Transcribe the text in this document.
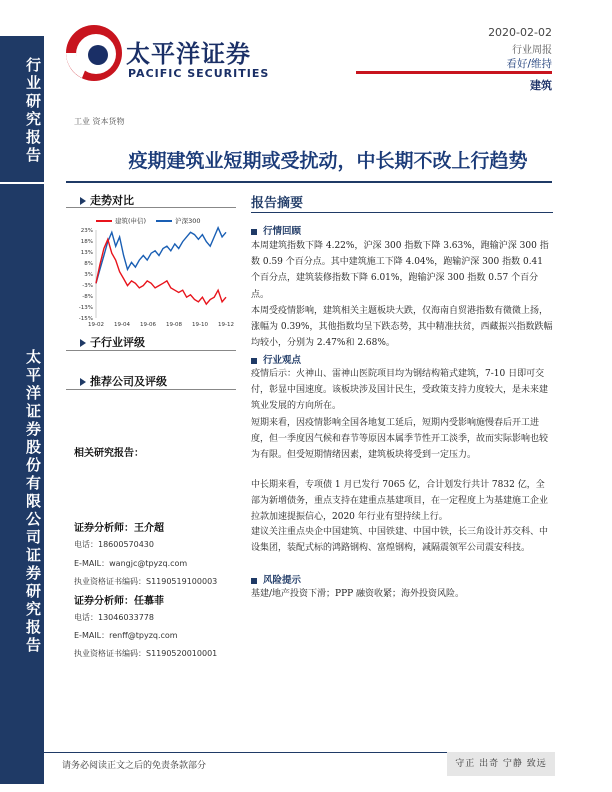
行业研究报告
太平洋证券股份有限公司证券研究报告
太平洋证券
PACIFIC SECURITIES
2020-02-02
行业周报
看好/维持
建筑
工业 资本货物
疫期建筑业短期或受扰动，中长期不改上行趋势
走势对比
建筑(申信)	沪深300
23%
18%
13%
8%
3%
-3%
-8%
-13%
-15%
19-02 19-04 19-06 19-08 19-10 19-12
子行业评级
推荐公司及评级
相关研究报告：
证券分析师：王介超
电话：18600570430
E-MAIL：wangjc@tpyzq.com
执业资格证书编码：S1190519100003
证券分析师：任慕菲
电话：13046033778
E-MAIL：renff@tpyzq.com
执业资格证书编码：S1190520010001
报告摘要
行情回顾
本周建筑指数下降 4.22%，沪深 300 指数下降 3.63%，跑输沪深 300 指数 0.59 个百分点。其中建筑施工下降 4.04%，跑输沪深 300 指数 0.41 个百分点，建筑装修指数下降 6.01%，跑输沪深 300 指数 0.57 个百分点。
本周受疫情影响，建筑相关主题板块大跌，仅海南自贸港指数有微微上扬，涨幅为 0.39%，其他指数均呈下跌态势，其中精准扶贫，西藏振兴指数跌幅均较小，分别为 2.47%和 2.68%。
行业观点
疫情后示：火神山、雷神山医院项目均为钢结构箱式建筑，7-10 日即可交付，彰显中国速度。该板块涉及国计民生，受政策支持力度较大，是未来建筑业发展的方向所在。
短期来看，因疫情影响全国各地复工延后，短期内受影响施慢春后开工进度，但一季度因气候和春节等原因本属季节性开工淡季，故而实际影响也较为有限。但受短期情绪因素，建筑板块将受到一定压力。
中长期来看，专项债 1 月已发行 7065 亿，合计划发行共计 7832 亿，全部为新增债务，重点支持在建重点基建项目，在一定程度上为基建施工企业拉款加速提振信心，2020 年行业有望持续上行。
建议关注重点央企中国建筑、中国铁建、中国中铁，长三角设计苏交科、中设集团，装配式标的鸿路钢构、富煌钢构，减隔震领军公司震安科技。
风险提示
基建/地产投资下滑；PPP 融资收紧；海外投资风险。
请务必阅读正文之后的免责条款部分	守正 出奇 宁静 致远
